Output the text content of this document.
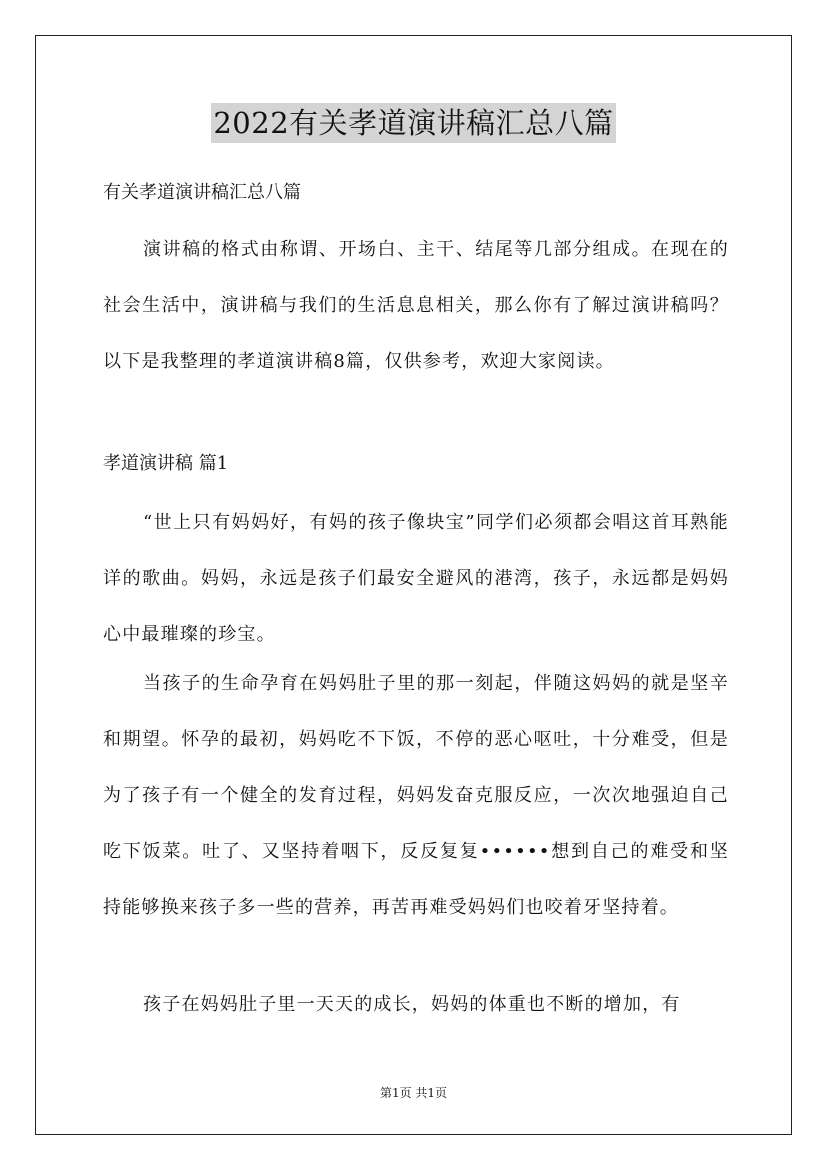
2022有关孝道演讲稿汇总八篇
有关孝道演讲稿汇总八篇
演讲稿的格式由称谓、开场白、主干、结尾等几部分组成。在现在的社会生活中，演讲稿与我们的生活息息相关，那么你有了解过演讲稿吗？以下是我整理的孝道演讲稿8篇，仅供参考，欢迎大家阅读。
孝道演讲稿 篇1
“世上只有妈妈好，有妈的孩子像块宝”同学们必须都会唱这首耳熟能详的歌曲。妈妈，永远是孩子们最安全避风的港湾，孩子，永远都是妈妈心中最璀璨的珍宝。
当孩子的生命孕育在妈妈肚子里的那一刻起，伴随这妈妈的就是坚辛和期望。怀孕的最初，妈妈吃不下饭，不停的恶心呕吐，十分难受，但是为了孩子有一个健全的发育过程，妈妈发奋克服反应，一次次地强迫自己吃下饭菜。吐了、又坚持着咽下，反反复复••••••想到自己的难受和坚持能够换来孩子多一些的营养，再苦再难受妈妈们也咬着牙坚持着。
孩子在妈妈肚子里一天天的成长，妈妈的体重也不断的增加，有
第1页 共1页
